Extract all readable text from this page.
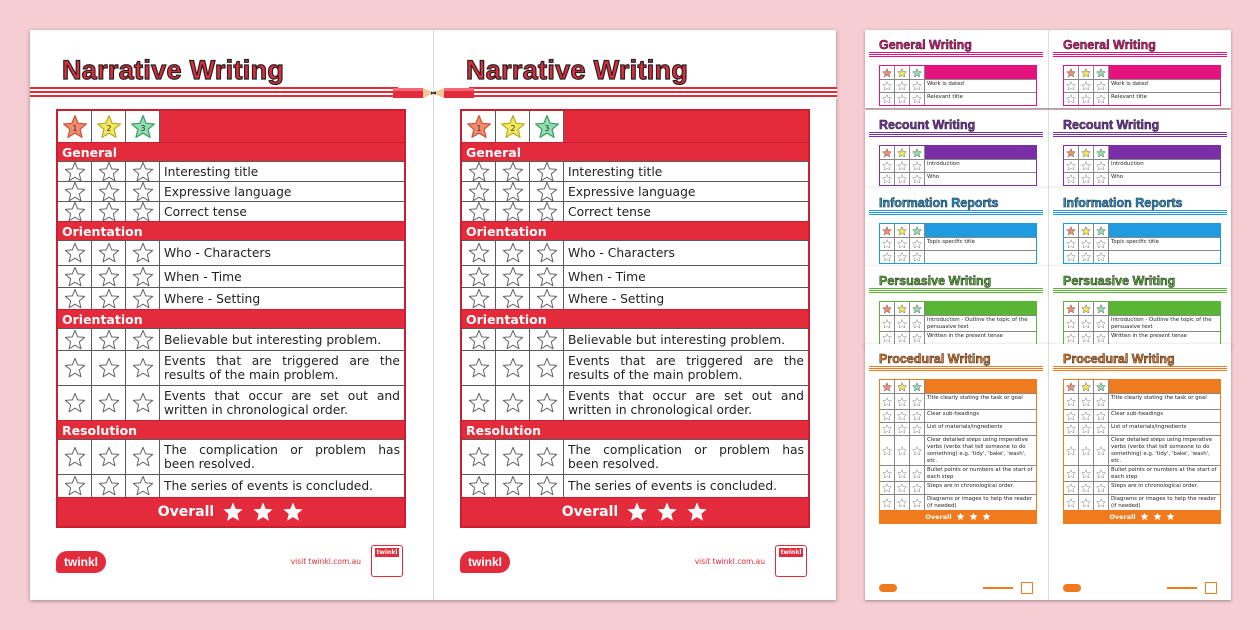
Narrative Writing
1	2	3
General
Interesting title
Expressive language
Correct tense
Orientation
Who - Characters
When - Time
Where - Setting
Orientation
Believable but interesting problem.
Events that are triggered are the results of the main problem.
Events that occur are set out and written in chronological order.
Resolution
The complication or problem has been resolved.
The series of events is concluded.
Overall
twinkl	visit twinkl.com.au
twinkl
Narrative Writing
1	2	3
General
Interesting title
Expressive language
Correct tense
Orientation
Who - Characters
When - Time
Where - Setting
Orientation
Believable but interesting problem.
Events that are triggered are the results of the main problem.
Events that occur are set out and written in chronological order.
Resolution
The complication or problem has been resolved.
The series of events is concluded.
Overall
twinkl	visit twinkl.com.au
twinkl
General Writing
Work is dated
Relevant title
General Writing
Work is dated
Relevant title
Recount Writing
Introduction
Who
Recount Writing
Introduction
Who
Information Reports
Topic specific title
Information Reports
Topic specific title
Persuasive Writing
Introduction - Outline the topic of the persuasive text
Written in the present tense
Persuasive Writing
Introduction - Outline the topic of the persuasive text
Written in the present tense
Procedural Writing
Title clearly stating the task or goal
Clear sub-headings
List of materials/ingredients
Clear detailed steps using imperative verbs (verbs that tell someone to do something) e.g. 'tidy', 'bake', 'wash', etc.
Bullet points or numbers at the start of each step
Steps are in chronological order.
Diagrams or images to help the reader (if needed)
Overall
Procedural Writing
Title clearly stating the task or goal
Clear sub-headings
List of materials/ingredients
Clear detailed steps using imperative verbs (verbs that tell someone to do something) e.g. 'tidy', 'bake', 'wash', etc.
Bullet points or numbers at the start of each step
Steps are in chronological order.
Diagrams or images to help the reader (if needed)
Overall
